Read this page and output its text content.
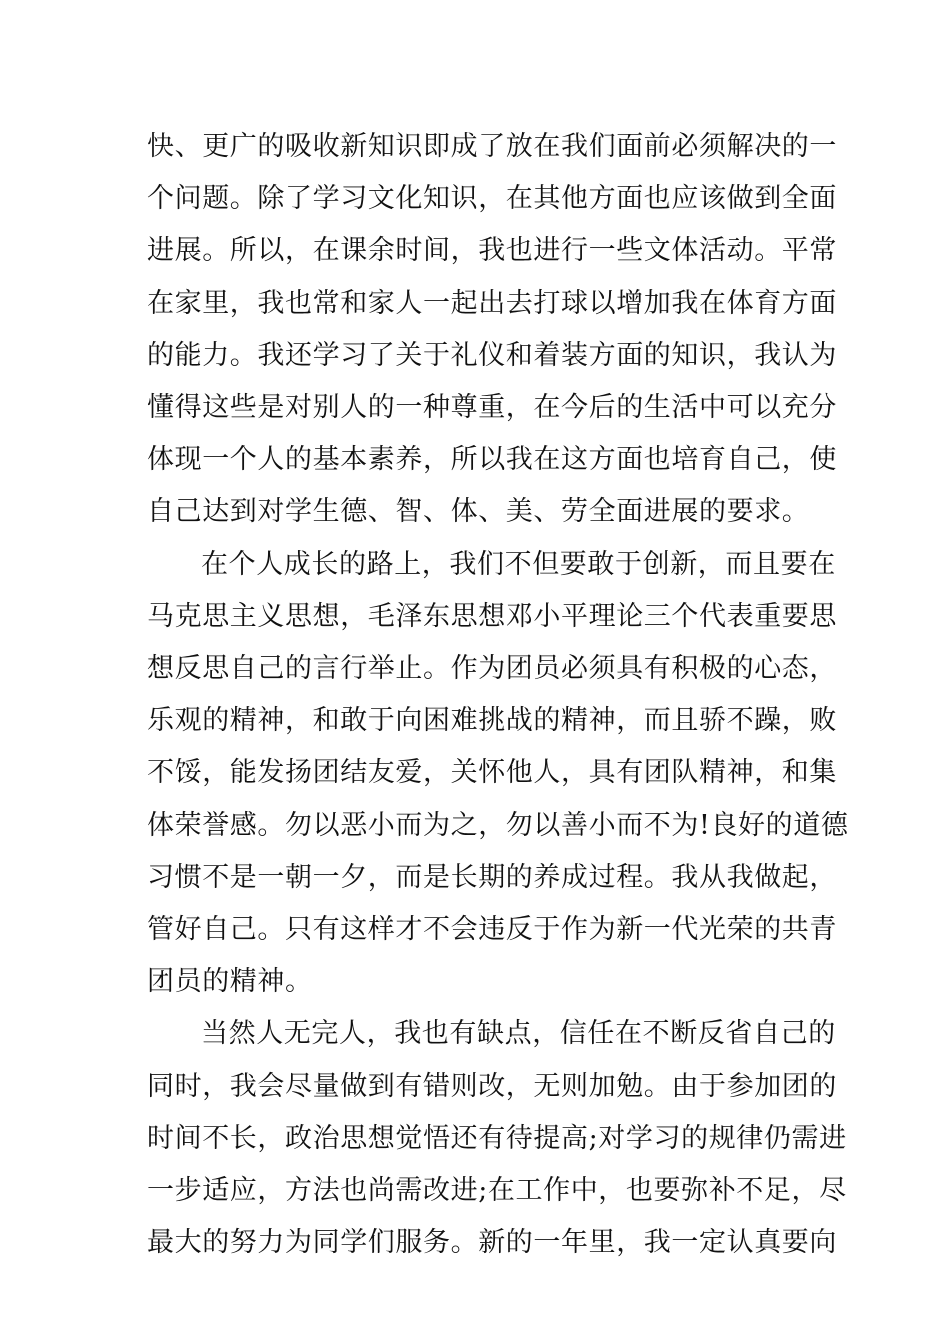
快、更广的吸收新知识即成了放在我们面前必须解决的一
个问题。除了学习文化知识，在其他方面也应该做到全面
进展。所以，在课余时间，我也进行一些文体活动。平常
在家里，我也常和家人一起出去打球以增加我在体育方面
的能力。我还学习了关于礼仪和着装方面的知识，我认为
懂得这些是对别人的一种尊重，在今后的生活中可以充分
体现一个人的基本素养，所以我在这方面也培育自己，使
自己达到对学生德、智、体、美、劳全面进展的要求。

在个人成长的路上，我们不但要敢于创新，而且要在
马克思主义思想，毛泽东思想邓小平理论三个代表重要思
想反思自己的言行举止。作为团员必须具有积极的心态，
乐观的精神，和敢于向困难挑战的精神，而且骄不躁，败
不馁，能发扬团结友爱，关怀他人，具有团队精神，和集
体荣誉感。勿以恶小而为之，勿以善小而不为!良好的道德
习惯不是一朝一夕，而是长期的养成过程。我从我做起，
管好自己。只有这样才不会违反于作为新一代光荣的共青
团员的精神。

当然人无完人，我也有缺点，信任在不断反省自己的
同时，我会尽量做到有错则改，无则加勉。由于参加团的
时间不长，政治思想觉悟还有待提高;对学习的规律仍需进
一步适应，方法也尚需改进;在工作中，也要弥补不足，尽
最大的努力为同学们服务。新的一年里，我一定认真要向
